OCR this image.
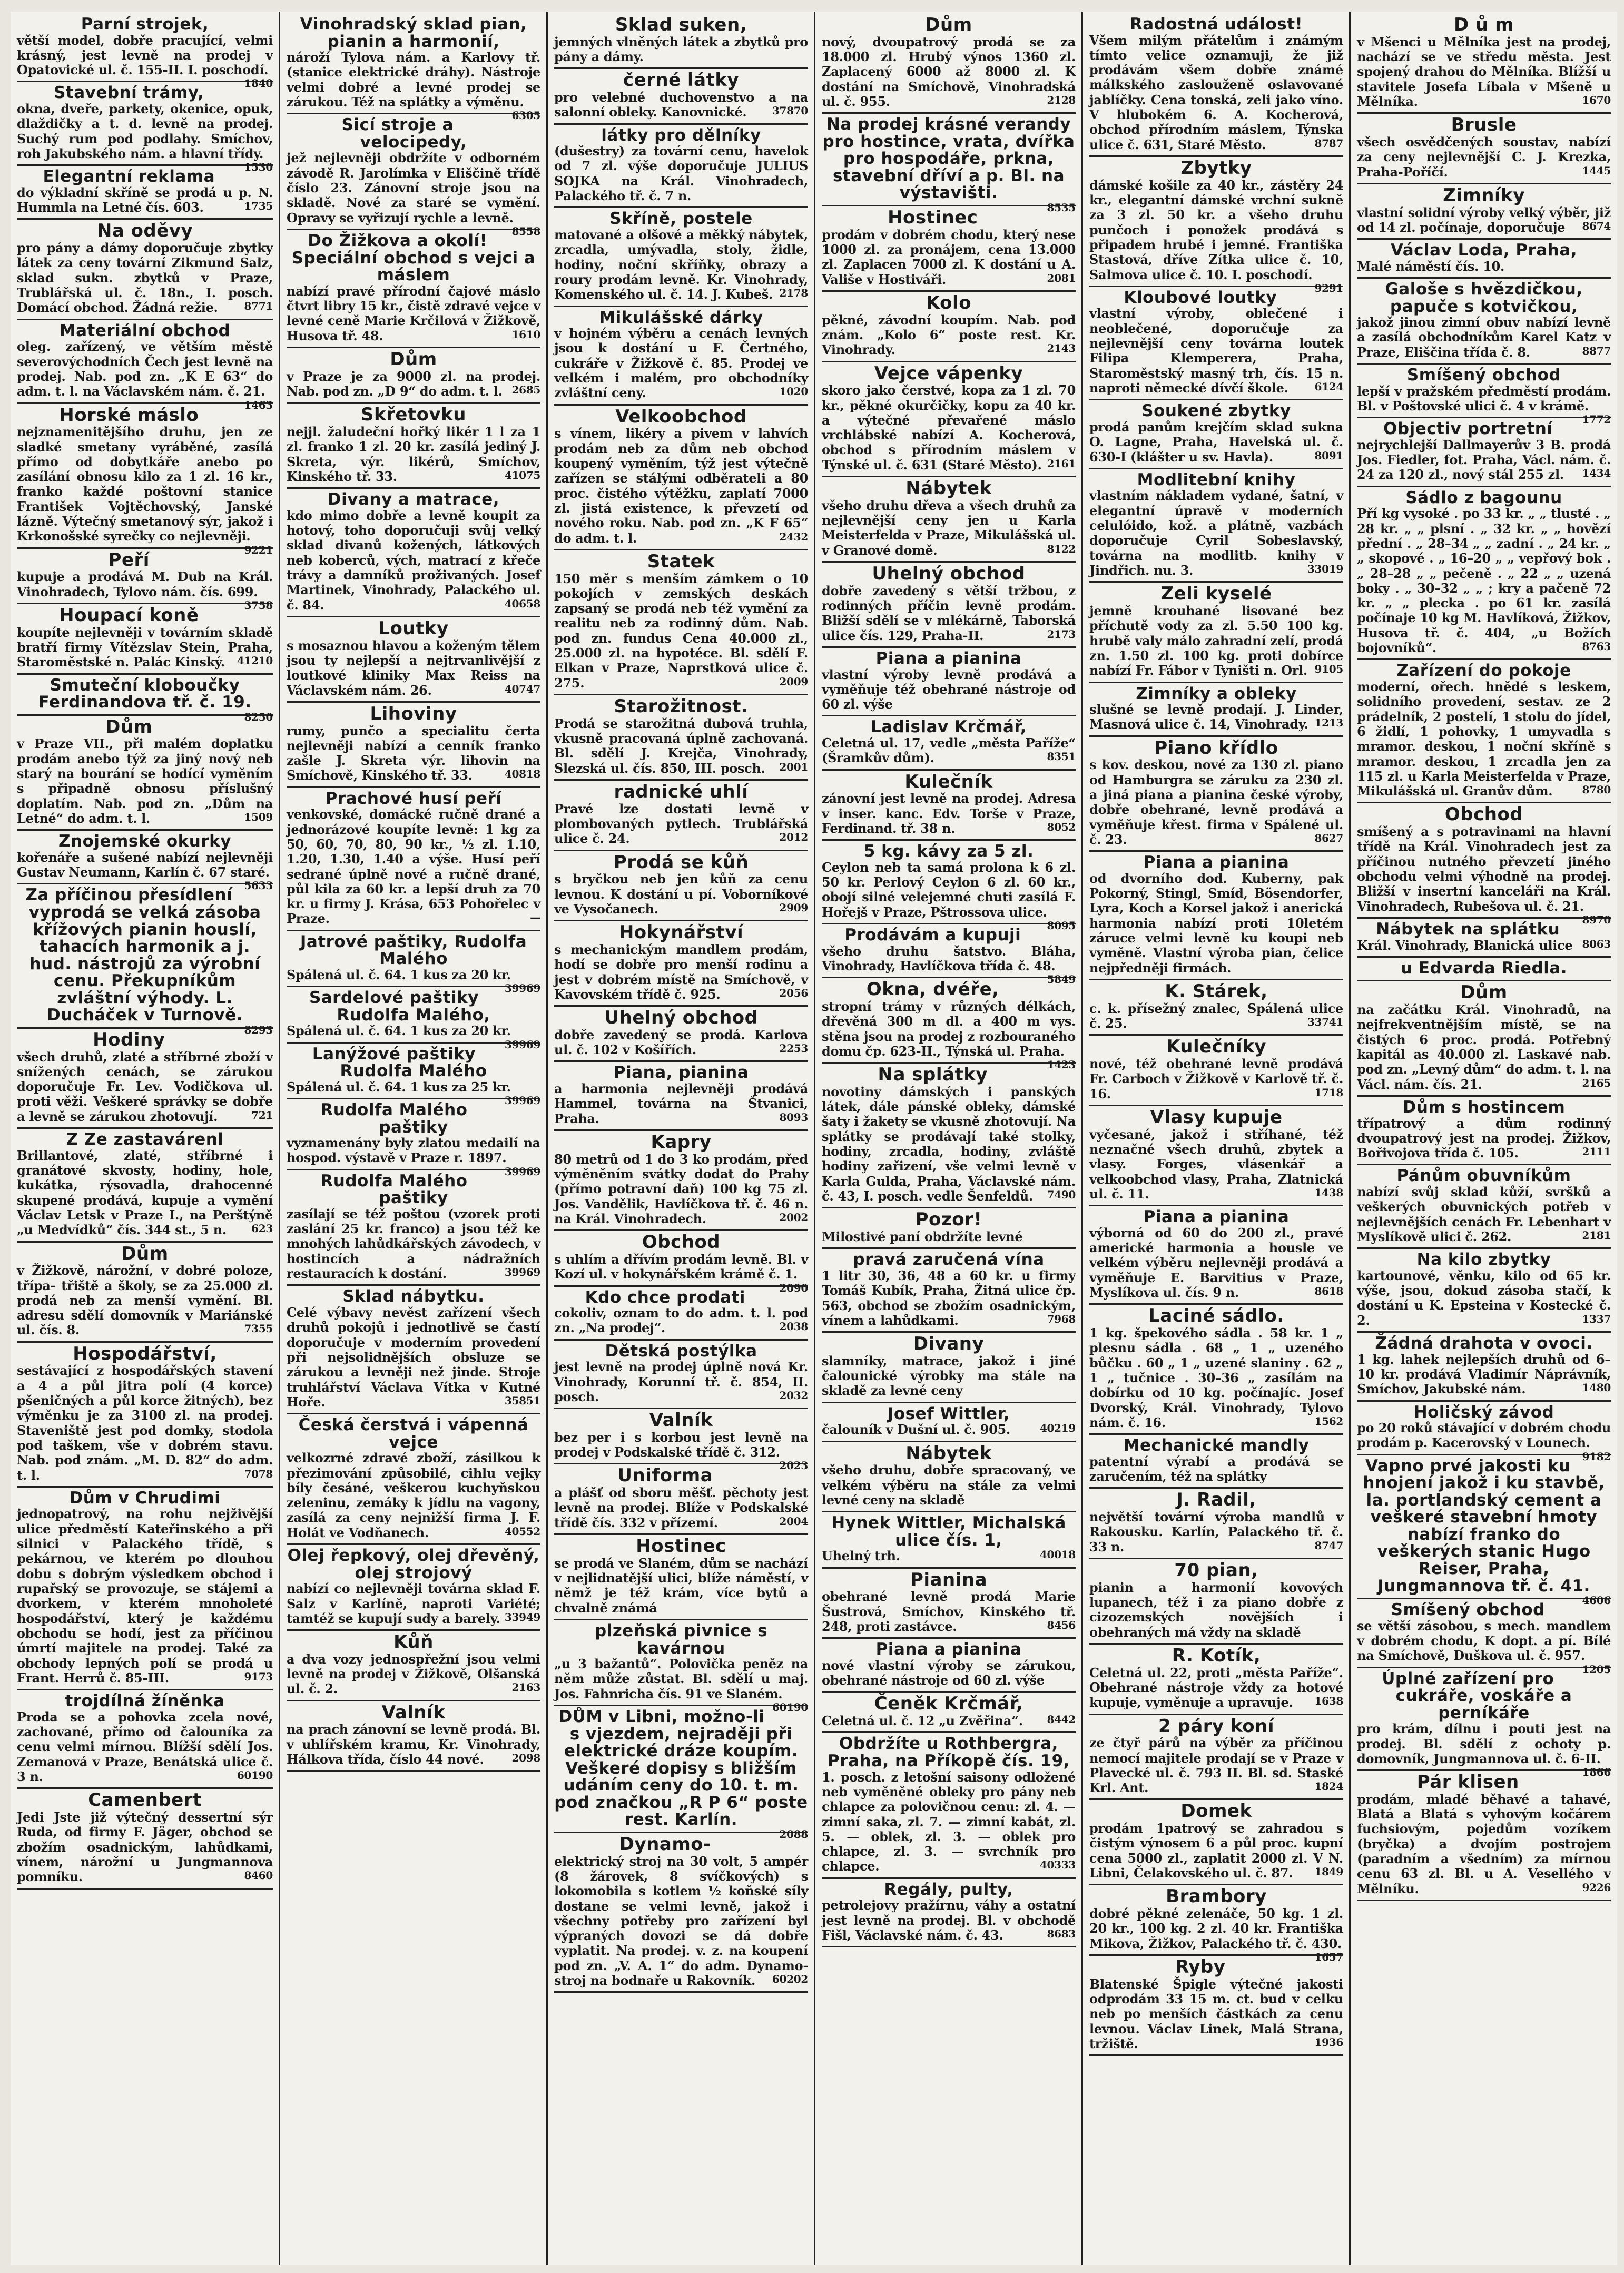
Parní strojek,

větší model, dobře pracující, velmi krásný, jest levně na prodej v Opatovické ul. č. 155-II. I. poschodí.
1840

Stavební trámy,

okna, dveře, parkety, okenice, opuk, dlaždičky a t. d. levně na prodej. Suchý rum pod podlahy. Smíchov, roh Jakubského nám. a hlavní třídy.
1530

Elegantní reklama

do výkladní skříně se prodá u p. N. Hummla na Letné čís. 603.	1735

Na oděvy

pro pány a dámy doporučuje zbytky látek za ceny tovární Zikmund Salz, sklad sukn. zbytků v Praze, Trublářská ul. č. 18n., I. posch. Domácí obchod. Žádná režie. 8771

Materiální obchod

oleg. zařízený, ve větším městě severovýchodních Čech jest levně na prodej. Nab. pod zn. „K E 63“ do adm. t. l. na Václavském nám. č. 21.
1463

Horské máslo

nejznamenitějšího druhu, jen ze sladké smetany vyráběné, zasílá přímo od dobytkáře anebo po zasílání obnosu kilo za 1 zl. 16 kr., franko každé poštovní stanice František Vojtěchovský, Janské lázně. Výtečný smetanový sýr, jakož i Krkonošské syrečky co nejlevněji.
9221

Peří

kupuje a prodává M. Dub na Král. Vinohradech, Tylovo nám. čís. 699.
3758

Houpací koně

koupíte nejlevněji v továrním skladě bratří firmy Vítězslav Stein, Praha, Staroměstské n. Palác Kinský. 41210

Smuteční kloboučky Ferdinandova tř. č. 19.

8250

Dům

v Praze VII., při malém doplatku prodám anebo týž za jiný nový neb starý na bourání se hodící vyměním s připadně obnosu příslušný doplatím. Nab. pod zn. „Dům na Letné“ do adm. t. l.	1509

Znojemské okurky

kořenáře a sušené nabízí nejlevněji Gustav Neumann, Karlín č. 67 staré.
5633

Za příčinou přesídlení vyprodá se velká zásoba křížových pianin houslí, tahacích harmonik a j. hud. nástrojů za výrobní cenu. Překupníkům zvláštní výhody. L. Ducháček v Turnově.

8293

Hodiny

všech druhů, zlaté a stříbrné zboží v snížených cenách, se zárukou doporučuje Fr. Lev. Vodičkova ul. proti věži. Veškeré správky se dobře a levně se zárukou zhotovují.	721

Z Ze zastavárenl

Brillantové, zlaté, stříbrné i granátové skvosty, hodiny, hole, kukátka, rýsovadla, drahocenné skupené prodává, kupuje a vymění Václav Letsk v Praze I., na Perštýně „u Medvídků“ čís. 344 st., 5 n. 623

Dům

v Žižkově, nárožní, v dobré poloze, třípa- třiště a školy, se za 25.000 zl. prodá neb za menší vymění. Bl. adresu sdělí domovník v Mariánské ul. čís. 8.	7355

Hospodářství,

sestávající z hospodářských stavení a 4 a půl jitra polí (4 korce) pšeničných a půl korce žitných), bez výměnku je za 3100 zl. na prodej. Staveniště jest pod domky, stodola pod taškem, vše v dobrém stavu. Nab. pod znám. „M. D. 82“ do adm. t. l.	7078

Dům v Chrudimi

jednopatrový, na rohu nejživější ulice předměstí Kateřinského a při silnici v Palackého třídě, s pekárnou, ve kterém po dlouhou dobu s dobrým výsledkem obchod i rupařský se provozuje, se stájemi a dvorkem, v kterém mnoholeté hospodářství, který je každému obchodu se hodí, jest za příčinou úmrtí majitele na prodej. Také za obchody lepných polí se prodá u Frant. Herrů č. 85-III.	9173

trojdílná žíněnka

Proda se a pohovka zcela nové, zachované, přímo od čalouníka za cenu velmi mírnou. Blížší sdělí Jos. Zemanová v Praze, Benátská ulice č. 3 n.	60190

Camenbert

Jedi Jste již výtečný dessertní sýr Ruda, od firmy F. Jäger, obchod se zbožím osadnickým, lahůdkami, vínem, nárožní u Jungmannova pomníku.	8460

Vinohradský sklad pian, pianin a harmonií,

nároží Tylova nám. a Karlovy tř. (stanice elektrické dráhy). Nástroje velmi dobré a levné prodej se zárukou. Též na splátky a výměnu.
6305

Sicí stroje a velocipedy,

jež nejlevněji obdržíte v odborném závodě R. Jarolímka v Eliščině třídě číslo 23. Zánovní stroje jsou na skladě. Nové za staré se vymění. Opravy se vyřizují rychle a levně.
8558

Do Žižkova a okolí! Speciální obchod s vejci a máslem

nabízí pravé přírodní čajové máslo čtvrt libry 15 kr., čistě zdravé vejce v levné ceně Marie Krčilová v Žižkově, Husova tř. 48.	1610

Dům

v Praze je za 9000 zl. na prodej. Nab. pod zn. „D 9“ do adm. t. l. 2685

Skřetovku

nejjl. žaludeční hořký likér 1 l za 1 zl. franko 1 zl. 20 kr. zasílá jediný J. Skreta, výr. likérů, Smíchov, Kinského tř. 33.	41075

Divany a matrace,

kdo mimo dobře a levně koupit za hotový, toho doporučuji svůj velký sklad divanů kožených, látkových neb koberců, vých, matrací z křeče trávy a damníků proživaných. Josef Martinek, Vinohrady, Palackého ul. č. 84.	40658

Loutky

s mosaznou hlavou a koženým tělem jsou ty nejlepší a nejtrvanlivější z loutkové kliniky Max Reiss na Václavském nám. 26.	40747

Lihoviny

rumy, punčo a specialitu čerta nejlevněji nabízí a cenník franko zašle J. Skreta výr. lihovin na Smíchově, Kinského tř. 33.	40818

Prachové husí peří

venkovské, domácké ručně drané a jednorázové koupíte levně: 1 kg za 50, 60, 70, 80, 90 kr., ½ zl. 1.10, 1.20, 1.30, 1.40 a výše. Husí peří sedrané úplně nové a ručně drané, půl kila za 60 kr. a lepší druh za 70 kr. u firmy J. Krása, 653 Pohořelec v Praze.	—

Jatrové paštiky, Rudolfa Malého

Spálená ul. č. 64. 1 kus za 20 kr.
39969

Sardelové paštiky Rudolfa Malého,

Spálená ul. č. 64. 1 kus za 20 kr.
39969

Lanýžové paštiky Rudolfa Malého

Spálená ul. č. 64. 1 kus za 25 kr.
39969

Rudolfa Malého paštiky

vyznamenány byly zlatou medailí na hospod. výstavě v Praze r. 1897.
39969

Rudolfa Malého paštiky

zasílají se též poštou (vzorek proti zaslání 25 kr. franco) a jsou též ke mnohých lahůdkářských závodech, v hostincích a nádražních restauracích k dostání.	39969

Sklad nábytku.

Celé výbavy nevěst zařízení všech druhů pokojů i jednotlivě se častí doporučuje v moderním provedení při nejsolidnějších obsluze se zárukou a levněji než jinde. Stroje truhlářství Václava Vítka v Kutné Hoře.	35851

Česká čerstvá i vápenná vejce

velkozrné zdravé zboží, zásilkou k přezimování způsobilé, cihlu vejky bíly česáné, veškerou kuchyňskou zeleninu, zemáky k jídlu na vagony, zasílá za ceny nejnižší firma J. F. Holát ve Vodňanech.	40552

Olej řepkový, olej dřevěný, olej strojový

nabízí co nejlevněji továrna sklad F. Salz v Karlíně, naproti Variété; tamtéž se kupují sudy a barely. 33949

Kůň

a dva vozy jednospřežní jsou velmi levně na prodej v Žižkově, Olšanská ul. č. 2.	2163

Valník

na prach zánovní se levně prodá. Bl. v uhlířském kramu, Kr. Vinohrady, Hálkova třída, číslo 44 nové.	2098

Sklad suken,

jemných vlněných látek a zbytků pro pány a dámy.

černé látky

pro velebné duchovenstvo a na salonní obleky. Kanovnické. 37870

látky pro dělníky

(dušestry) za tovární cenu, havelok od 7 zl. výše doporučuje JULIUS SOJKA na Král. Vinohradech, Palackého tř. č. 7 n.

Skříně, postele

matované a olšové a měkký nábytek, zrcadla, umývadla, stoly, židle, hodiny, noční skříňky, obrazy a roury prodám levně. Kr. Vinohrady, Komenského ul. č. 14. J. Kubeš. 2178

Mikulášské dárky

v hojném výběru a cenách levných jsou k dostání u F. Čertného, cukráře v Žižkově č. 85. Prodej ve velkém i malém, pro obchodníky zvláštní ceny.	1020

Velkoobchod

s vínem, likéry a pivem v lahvích prodám neb za dům neb obchod koupený vyměním, týž jest výtečně zařízen se stálými odběrateli a 80 proc. čistého výtěžku, zaplatí 7000 zl. jistá existence, k převzetí od nového roku. Nab. pod zn. „K F 65“ do adm. t. l.	2432

Statek

150 měr s menším zámkem o 10 pokojích v zemských deskách zapsaný se prodá neb též vymění za realitu neb za rodinný dům. Nab. pod zn. fundus Cena 40.000 zl., 25.000 zl. na hypotéce. Bl. sdělí F. Elkan v Praze, Naprstková ulice č. 275.	2009

Starožitnost.

Prodá se starožitná dubová truhla, vkusně pracovaná úplně zachovaná. Bl. sdělí J. Krejča, Vinohrady, Slezská ul. čís. 850, III. posch. 2001

radnické uhlí

Pravé lze dostati levně v plombovaných pytlech. Trublářská ulice č. 24.	2012

Prodá se kůň

s bryčkou neb jen kůň za cenu levnou. K dostání u pí. Voborníkové ve Vysočanech.	2909

Hokynářství

s mechanickým mandlem prodám, hodí se dobře pro menší rodinu a jest v dobrém místě na Smíchově, v Kavovském třídě č. 925.	2056

Uhelný obchod

dobře zavedený se prodá. Karlova ul. č. 102 v Košířích.	2253

Piana, pianina

a harmonia nejlevněji prodává Hammel, továrna na Štvanici, Praha.	8093

Kapry

80 metrů od 1 do 3 ko prodám, před výměněním svátky dodat do Prahy (přímo potravní daň) 100 kg 75 zl. Jos. Vandělik, Havlíčkova tř. č. 46 n. na Král. Vinohradech.	2002

Obchod

s uhlím a dřívím prodám levně. Bl. v Kozí ul. v hokynářském krámě č. 1.
2090

Kdo chce prodati

cokoliv, oznam to do adm. t. l. pod zn. „Na prodej“.	2038

Dětská postýlka

jest levně na prodej úplně nová Kr. Vinohrady, Korunní tř. č. 854, II. posch.	2032

Valník

bez per i s korbou jest levně na prodej v Podskalské třídě č. 312.
2023

Uniforma

a plášť od sboru měšť. pěchoty jest levně na prodej. Blíže v Podskalské třídě čís. 332 v přízemí.	2004

Hostinec

se prodá ve Slaném, dům se nachází v nejlidnatější ulici, blíže náměstí, v němž je též krám, více bytů a chvalně známá

plzeňská pivnice s kavárnou

„u 3 bažantů“. Polovička peněz na něm může zůstat. Bl. sdělí u maj. Jos. Fahnricha čís. 91 ve Slaném.
60190

DŮM v Libni, možno-li s vjezdem, nejraději při elektrické dráze koupím. Veškeré dopisy s bližším udáním ceny do 10. t. m. pod značkou „R P 6“ poste rest. Karlín.

2088

Dynamo-

elektrický stroj na 30 volt, 5 ampér (8 žárovek, 8 svíčkových) s lokomobila s kotlem ½ koňské síly dostane se velmi levně, jakož i všechny potřeby pro zařízení byl výpraných dovozi se dá dobře vyplatit. Na prodej. v. z. na koupení pod zn. „V. A. 1“ do adm. Dynamo-stroj na bodnaře u Rakovník. 60202

Dům

nový, dvoupatrový prodá se za 18.000 zl. Hrubý výnos 1360 zl. Zaplacený 6000 až 8000 zl. K dostání na Smíchově, Vinohradská ul. č. 955.	2128

Na prodej krásné verandy pro hostince, vrata, dvířka pro hospodáře, prkna, stavební dříví a p. Bl. na výstavišti.

8535

Hostinec

prodám v dobrém chodu, který nese 1000 zl. za pronájem, cena 13.000 zl. Zaplacen 7000 zl. K dostání u A. Vališe v Hostiváři.	2081

Kolo

pěkné, závodní koupím. Nab. pod znám. „Kolo 6“ poste rest. Kr. Vinohrady.	2143

Vejce vápenky

skoro jako čerstvé, kopa za 1 zl. 70 kr., pěkné okurčičky, kopu za 40 kr. a výtečné převařené máslo vrchlábské nabízí A. Kocherová, obchod s přírodním máslem v Týnské ul. č. 631 (Staré Město). 2161

Nábytek

všeho druhu dřeva a všech druhů za nejlevnější ceny jen u Karla Meisterfelda v Praze, Mikulášská ul. v Granové domě.	8122

Uhelný obchod

dobře zavedený s větší tržbou, z rodinných příčin levně prodám. Bližší sdělí se v mlékárně, Taborská ulice čís. 129, Praha-II.	2173

Piana a pianina

vlastní výroby levně prodává a vyměňuje též obehrané nástroje od 60 zl. výše

Ladislav Krčmář,

Celetná ul. 17, vedle „města Paříže“ (Šramkův dům).	8351

Kulečník

zánovní jest levně na prodej. Adresa v inser. kanc. Edv. Torše v Praze, Ferdinand. tř. 38 n.	8052

5 kg. kávy za 5 zl.

Ceylon neb ta samá prolona k 6 zl. 50 kr. Perlový Ceylon 6 zl. 60 kr., obojí silné velejemné chuti zasílá F. Hořejš v Praze, Pštrossova ulice.
8095

Prodávám a kupuji

všeho druhu šatstvo. Bláha, Vinohrady, Havlíčkova třída č. 48.
5849

Okna, dvéře,

stropní trámy v různých délkách, dřevěná 300 m dl. a 400 m vys. stěna jsou na prodej z rozbouraného domu čp. 623-II., Týnská ul. Praha.
1423

Na splátky

novotiny dámských i panských látek, dále pánské obleky, dámské šaty i žakety se vkusně zhotovují. Na splátky se prodávají také stolky, hodiny, zrcadla, hodiny, zvláště hodiny zařizení, vše velmi levně v Karla Gulda, Praha, Václavské nám. č. 43, I. posch. vedle Šenfeldů. 7490

Pozor!

Milostivé paní obdržíte levné

pravá zaručená vína

1 litr 30, 36, 48 a 60 kr. u firmy Tomáš Kubík, Praha, Žitná ulice čp. 563, obchod se zbožím osadnickým, vínem a lahůdkami.	7968

Divany

slamníky, matrace, jakož i jiné čalounické výrobky ma stále na skladě za levné ceny

Josef Wittler,

čalouník v Dušní ul. č. 905.	40219

Nábytek

všeho druhu, dobře spracovaný, ve velkém výběru na stále za velmi levné ceny na skladě

Hynek Wittler, Michalská ulice čís. 1,

Uhelný trh.	40018

Pianina

obehrané levně prodá Marie Šustrová, Smíchov, Kinského tř. 248, proti zastávce.	8456

Piana a pianina

nové vlastní výroby se zárukou, obehrané nástroje od 60 zl. výše

Čeněk Krčmář,

Celetná ul. č. 12 „u Zvěřina“. 8442

Obdržíte u Rothbergra, Praha, na Příkopě čís. 19,

1. posch. z letošní saisony odložené neb vyměněné obleky pro pány neb chlapce za polovičnou cenu: zl. 4. — zimní saka, zl. 7. — zimní kabát, zl. 5. — oblek, zl. 3. — oblek pro chlapce, zl. 3. — svrchník pro chlapce.	40333

Regály, pulty,

petrolejovy pražírnu, váhy a ostatní jest levně na prodej. Bl. v obchodě Fišl, Václavské nám. č. 43.	8683

Radostná událost!

Všem milým přátelům i známým tímto velice oznamuji, že již prodávám všem dobře známé málkského zaslouženě oslavované jablíčky. Cena tonská, zeli jako víno. V hlubokém 6. A. Kocherová, obchod přírodním máslem, Týnska ulice č. 631, Staré Město.	8787

Zbytky

dámské košile za 40 kr., zástěry 24 kr., elegantní dámské vrchní sukně za 3 zl. 50 kr. a všeho druhu punčoch i ponožek prodává s připadem hrubé i jemné. Františka Stastová, dříve Zítka ulice č. 10, Salmova ulice č. 10. I. poschodí.
9291

Kloubové loutky

vlastní výroby, oblečené i neoblečené, doporučuje za nejlevnější ceny továrna loutek Filipa Klemperera, Praha, Staroměstský masný trh, čís. 15 n. naproti německé dívčí škole. 6124

Soukené zbytky

prodá panům krejčím sklad sukna O. Lagne, Praha, Havelská ul. č. 630-I (klášter u sv. Havla).	8091

Modlitební knihy

vlastním nákladem vydané, šatní, v elegantní úpravě v moderních celulóido, kož. a plátně, vazbách doporučuje Cyril Sobeslavský, továrna na modlitb. knihy v Jindřich. nu. 3.	33019

Zeli kyselé

jemně krouhané lisované bez příchutě vody za zl. 5.50 100 kg. hrubě valy málo zahradní zelí, prodá zn. 1.50 zl. 100 kg. proti dobírce nabízí Fr. Fábor v Tyništi n. Orl. 9105

Zimníky a obleky

slušné se levně prodají. J. Linder, Masnová ulice č. 14, Vinohrady. 1213

Piano křídlo

s kov. deskou, nové za 130 zl. piano od Hamburgra se záruku za 230 zl. a jiná piana a pianina české výroby, dobře obehrané, levně prodává a vyměňuje křest. firma v Spálené ul. č. 23.	8627

Piana a pianina

od dvorního dod. Kuberny, pak Pokorný, Stingl, Smíd, Bösendorfer, Lyra, Koch a Korsel jakož i anerická harmonia nabízí proti 10letém záruce velmi levně ku koupi neb vyměně. Vlastní výroba pian, čelice nejpředněji firmách.

K. Stárek,

c. k. přísežný znalec, Spálená ulice č. 25.	33741

Kulečníky

nové, též obehrané levně prodává Fr. Carboch v Žižkově v Karlově tř. č. 16.	1718

Vlasy kupuje

vyčesané, jakož i stříhané, též neznačné všech druhů, zbytek a vlasy. Forges, vlásenkář a velkoobchod vlasy, Praha, Zlatnická ul. č. 11.	1438

Piana a pianina

výborná od 60 do 200 zl., pravé americké harmonia a housle ve velkém výběru nejlevněji prodává a vyměňuje E. Barvitius v Praze, Myslíkova ul. čís. 9 n.	8618

Laciné sádlo.

1 kg. špekového sádla . 58 kr. 1 „ plesnu sádla . 68 „ 1 „ uzeného bůčku . 60 „ 1 „ uzené slaniny . 62 „ 1 „ tučnice . 30–36 „ zasílám na dobírku od 10 kg. počínajíc. Josef Dvorský, Král. Vinohrady, Tylovo nám. č. 16.	1562

Mechanické mandly

patentní výrabí a prodává se zaručením, též na splátky

J. Radil,

největší tovární výroba mandlů v Rakousku. Karlín, Palackého tř. č. 33 n.	8747

70 pian,

pianin a harmonií kovových lupanech, též i za piano dobře z cizozemských novějších i obehraných má vždy na skladě

R. Kotík,

Celetná ul. 22, proti „města Paříže“. Obehrané nástroje vždy za hotové kupuje, vyměnuje a upravuje. 1638

2 páry koní

ze čtyř párů na výběr za příčinou nemocí majitele prodají se v Praze v Plavecké ul. č. 793 II. Bl. sd. Staské Krl. Ant.	1824

Domek

prodám 1patrový se zahradou s čistým výnosem 6 a půl proc. kupní cena 5000 zl., zaplatit 2000 zl. V N. Libni, Čelakovského ul. č. 87. 1849

Brambory

dobré pěkné zelenáče, 50 kg. 1 zl. 20 kr., 100 kg. 2 zl. 40 kr. Františka Mikova, Žižkov, Palackého tř. č. 430.
1657

Ryby

Blatenské Špigle výtečné jakosti odprodám 33 15 m. ct. bud v celku neb po menších částkách za cenu levnou. Václav Linek, Malá Strana, tržiště.	1936

D ů m

v Mšenci u Mělníka jest na prodej, nachází se ve středu města. Jest spojený drahou do Mělníka. Blížší u stavitele Josefa Líbala v Mšeně u Mělníka.	1670

Brusle

všech osvědčených soustav, nabízí za ceny nejlevnější C. J. Krezka, Praha-Poříčí.	1445

Zimníky

vlastní solidní výroby velký výběr, již od 14 zl. počínaje, doporučuje 8674

Václav Loda, Praha,

Malé náměstí čís. 10.

Galoše s hvězdičkou, papuče s kotvičkou,

jakož jinou zimní obuv nabízí levně a zasílá obchodníkům Karel Katz v Praze, Eliščina třída č. 8.	8877

Smíšený obchod

lepší v pražském předměstí prodám. Bl. v Poštovské ulici č. 4 v krámě.
1772

Objectiv portretní

nejrychlejší Dallmayerův 3 B. prodá Jos. Fiedler, fot. Praha, Václ. nám. č. 24 za 120 zl., nový stál 255 zl. 1434

Sádlo z bagounu

Pří kg vysoké . po 33 kr. „ „ tlusté . „ 28 kr. „ „ plsní . „ 32 kr. „ „ hovězí přední . „ 28–34 „ „ zadní . „ 24 kr. „ „ skopové . „ 16–20 „ „ vepřový bok . „ 28–28 „ „ pečeně . „ 22 „ „ uzená boky . „ 30–32 „ „ ; kry a pačeně 72 kr. „ „ plecka . po 61 kr. zasílá počínaje 10 kg M. Havlíková, Žižkov, Husova tř. č. 404, „u Božích bojovníků“.	8763

Zařízení do pokoje

moderní, ořech. hnědé s leskem, solidního provedení, sestav. ze 2 prádelník, 2 postelí, 1 stolu do jídel, 6 židlí, 1 pohovky, 1 umyvadla s mramor. deskou, 1 noční skříně s mramor. deskou, 1 zrcadla jen za 115 zl. u Karla Meisterfelda v Praze, Mikulášská ul. Granův dům.	8780

Obchod

smíšený a s potravinami na hlavní třídě na Král. Vinohradech jest za příčinou nutného převzetí jiného obchodu velmi výhodně na prodej. Bližší v insertní kanceláři na Král. Vinohradech, Rubešova ul. č. 21.
8970

Nábytek na splátku

Král. Vinohrady, Blanická ulice 8063

u Edvarda Riedla.
Dům

na začátku Král. Vinohradů, na nejfrekventnějším místě, se na čistých 6 proc. prodá. Potřebný kapitál as 40.000 zl. Laskavé nab. pod zn. „Levný dům“ do adm. t. l. na Václ. nám. čís. 21.	2165

Dům s hostincem

třípatrový a dům rodinný dvoupatrový jest na prodej. Žižkov, Bořivojova třída č. 105.	2111

Pánům obuvníkům

nabízí svůj sklad kůží, svršků a veškerých obuvnických potřeb v nejlevnějších cenách Fr. Lebenhart v Myslíkově ulici č. 262.	2181

Na kilo zbytky

kartounové, věnku, kilo od 65 kr. výše, jsou, dokud zásoba stačí, k dostání u K. Epsteina v Kostecké č. 2.	1337

Žádná drahota v ovoci.

1 kg. lahek nejlepších druhů od 6–10 kr. prodává Vladimír Náprávník, Smíchov, Jakubské nám.	1480

Holičský závod

po 20 roků stávající v dobrém chodu prodám p. Kacerovský v Lounech.
9182

Vapno prvé jakosti ku hnojení jakož i ku stavbě, la. portlandský cement a veškeré stavební hmoty nabízí franko do veškerých stanic Hugo Reiser, Praha, Jungmannova tř. č. 41.

4606

Smíšený obchod

se větší zásobou, s mech. mandlem v dobrém chodu, K dopt. a pí. Bílé na Smíchově, Duškova ul. č. 957.
1205

Úplné zařízení pro cukráře, voskáře a perníkáře

pro krám, dílnu i pouti jest na prodej. Bl. sdělí z ochoty p. domovník, Jungmannova ul. č. 6-II.
1866

Pár klisen

prodám, mladé běhavé a tahavé, Blatá a Blatá s vyhovým kočárem fuchsiovým, pojedům vozíkem (bryčka) a dvojím postrojem (paradním a všedním) za mírnou cenu 63 zl. Bl. u A. Vesellého v Mělníku.	9226
